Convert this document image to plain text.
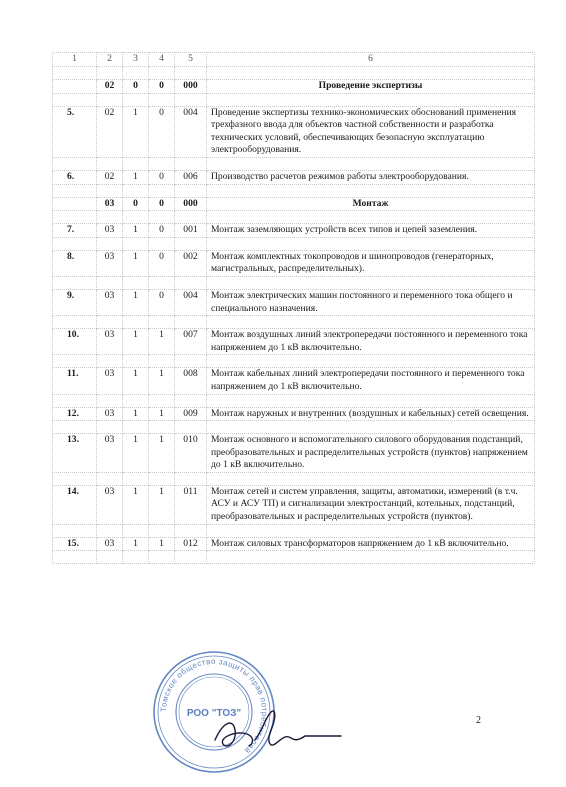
1	2	3	4	5	6

	02	0	0	000	Проведение экспертизы

5.	02	1	0	004	Проведение экспертизы технико-экономических обоснований применения трехфазного ввода для объектов частной собственности и разработка технических условий, обеспечивающих безопасную эксплуатацию электрооборудования.

6.	02	1	0	006	Производство расчетов режимов работы электрооборудования.

	03	0	0	000	Монтаж

7.	03	1	0	001	Монтаж заземляющих устройств всех типов и цепей заземления.

8.	03	1	0	002	Монтаж комплектных токопроводов и шинопроводов (генераторных, магистральных, распределительных).

9.	03	1	0	004	Монтаж электрических машин постоянного и переменного тока общего и специального назначения.

10.	03	1	1	007	Монтаж воздушных линий электропередачи постоянного и переменного тока напряжением до 1 кВ включительно.

11.	03	1	1	008	Монтаж кабельных линий электропередачи постоянного и переменного тока напряжением до 1 кВ включительно.

12.	03	1	1	009	Монтаж наружных и внутренних (воздушных и кабельных) сетей освещения.

13.	03	1	1	010	Монтаж основного и вспомогательного силового оборудования подстанций, преобразовательных и распределительных устройств (пунктов) напряжением до 1 кВ включительно.

14.	03	1	1	011	Монтаж сетей и систем управления, защиты, автоматики, измерений (в т.ч. АСУ и АСУ ТП) и сигнализации электростанций, котельных, подстанций, преобразовательных и распределительных устройств (пунктов).

15.	03	1	1	012	Монтаж силовых трансформаторов напряжением до 1 кВ включительно.

2
Томское общество защиты прав потребителей
РОО "ТОЗ"
